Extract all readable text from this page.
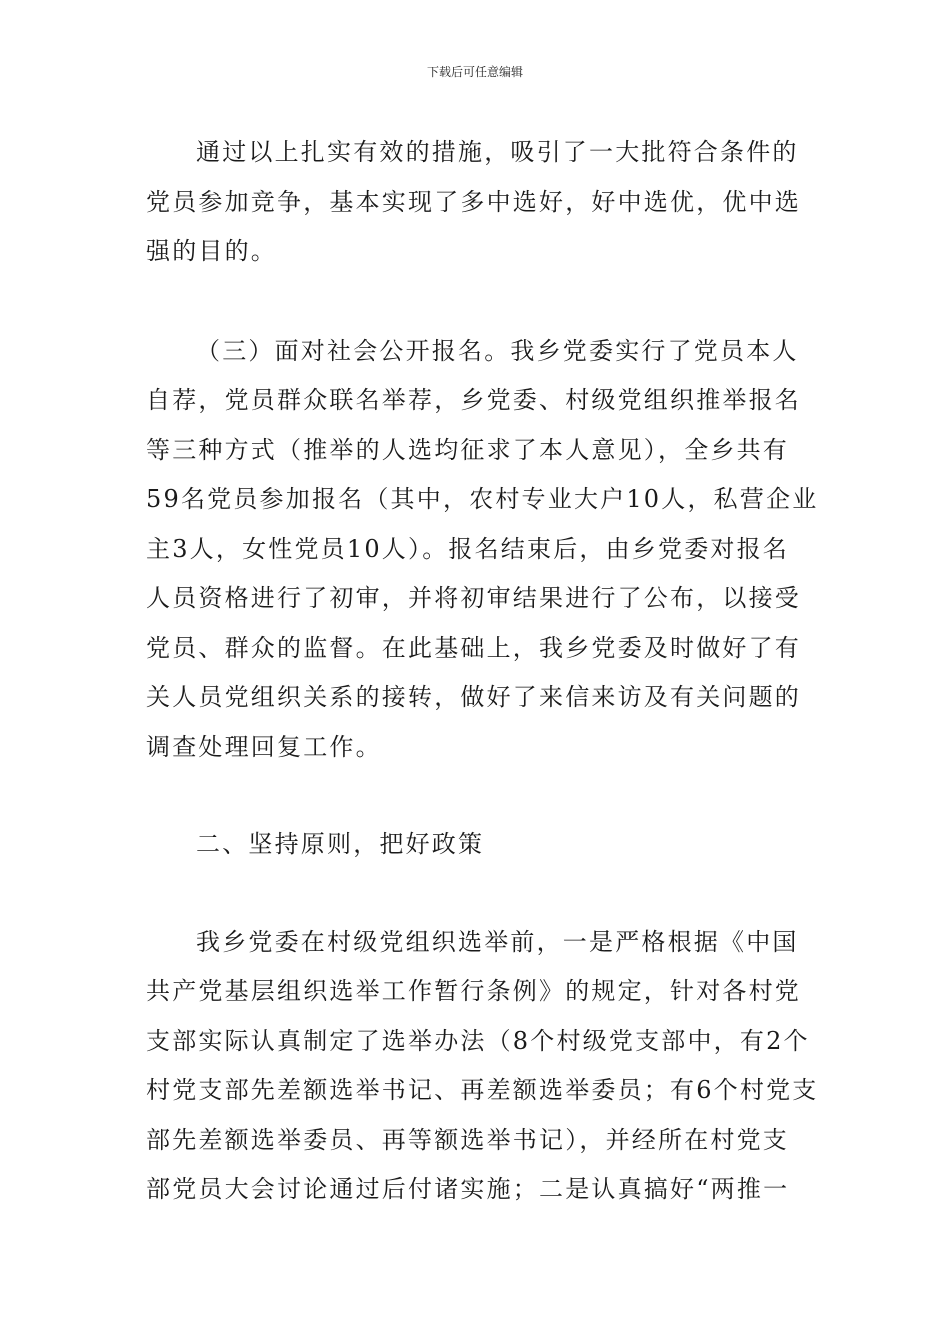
下载后可任意编辑
通过以上扎实有效的措施，吸引了一大批符合条件的
党员参加竞争，基本实现了多中选好，好中选优，优中选
强的目的。
（三）面对社会公开报名。我乡党委实行了党员本人
自荐，党员群众联名举荐，乡党委、村级党组织推举报名
等三种方式（推举的人选均征求了本人意见），全乡共有
59名党员参加报名（其中，农村专业大户10人，私营企业
主3人，女性党员10人）。报名结束后，由乡党委对报名
人员资格进行了初审，并将初审结果进行了公布，以接受
党员、群众的监督。在此基础上，我乡党委及时做好了有
关人员党组织关系的接转，做好了来信来访及有关问题的
调查处理回复工作。
二、坚持原则，把好政策
我乡党委在村级党组织选举前，一是严格根据《中国
共产党基层组织选举工作暂行条例》的规定，针对各村党
支部实际认真制定了选举办法（8个村级党支部中，有2个
村党支部先差额选举书记、再差额选举委员；有6个村党支
部先差额选举委员、再等额选举书记），并经所在村党支
部党员大会讨论通过后付诸实施；二是认真搞好“两推一
